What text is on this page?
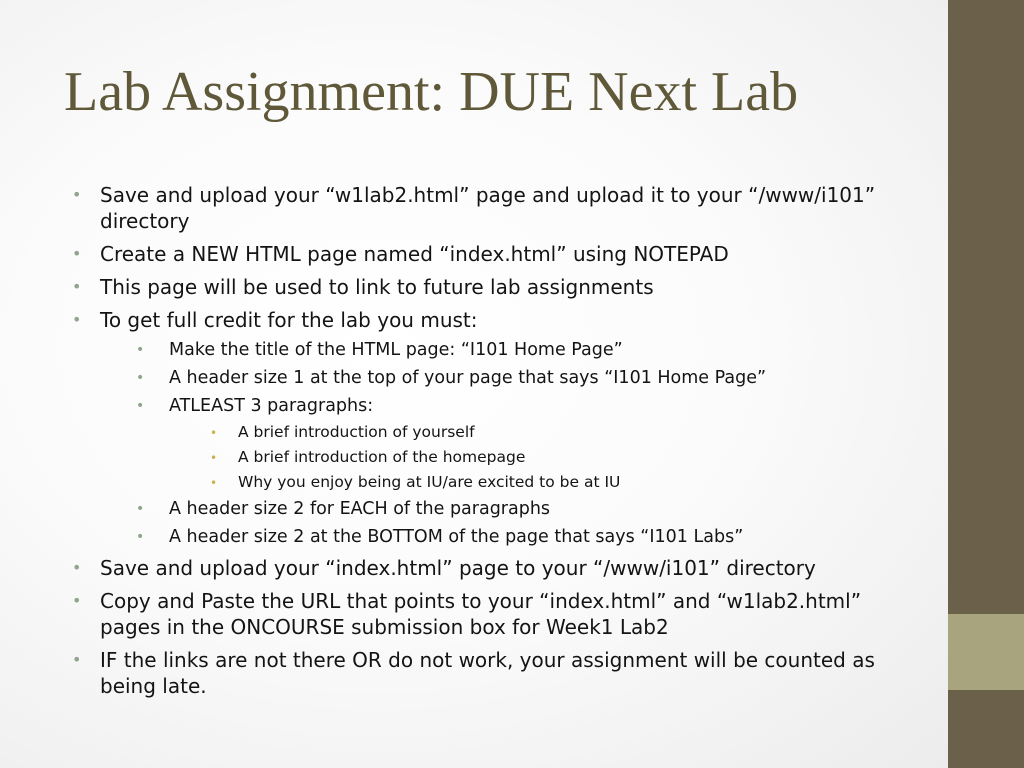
Lab Assignment: DUE Next Lab
• Save and upload your “w1lab2.html” page and upload it to your “/www/i101” directory
• Create a NEW HTML page named “index.html” using NOTEPAD
• This page will be used to link to future lab assignments
• To get full credit for the lab you must:
• Make the title of the HTML page: “I101 Home Page”
• A header size 1 at the top of your page that says “I101 Home Page”
• ATLEAST 3 paragraphs:
• A brief introduction of yourself
• A brief introduction of the homepage
• Why you enjoy being at IU/are excited to be at IU
• A header size 2 for EACH of the paragraphs
• A header size 2 at the BOTTOM of the page that says “I101 Labs”
• Save and upload your “index.html” page to your “/www/i101” directory
• Copy and Paste the URL that points to your “index.html” and “w1lab2.html” pages in the ONCOURSE submission box for Week1 Lab2
• IF the links are not there OR do not work, your assignment will be counted as being late.
